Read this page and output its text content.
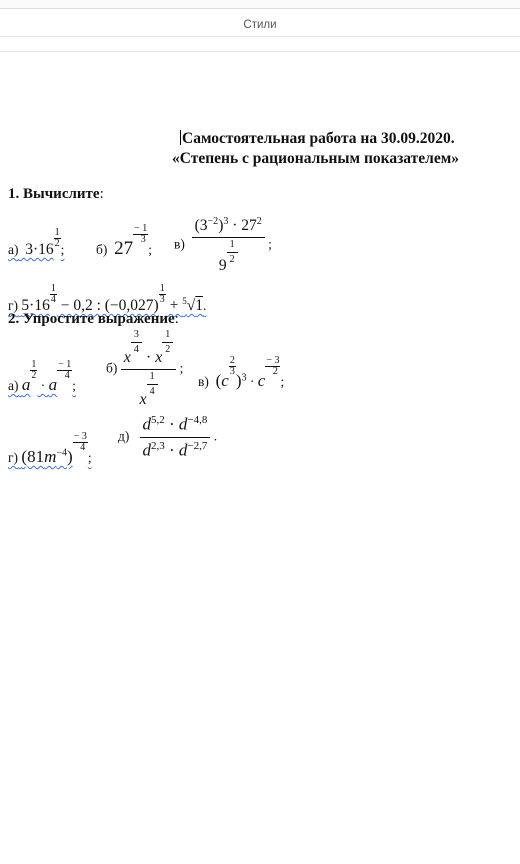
Стили
Самостоятельная работа на 30.09.2020.
«Степень с рациональным показателем»
1. Вычислите:
а) 3·16
$\frac{1}{2}$
; б) 27
$\frac{- 1}{3}$
; в) $(3^{-2})^3 \cdot 27^2$
9
$\frac{1}{2}$ ;
г) 5·16
$\frac{1}{4}$
− 0,2 : (−0,027)
$\frac{1}{3}$
+ $^5$√1.
2. Упростите выражение:
а) a
$\frac{1}{2}$
· a
$\frac{- 1}{4}$
;
б) x
$\frac{3}{4}$
· x
$\frac{1}{2}$
x
$\frac{1}{4}$ ;
в) (c
$\frac{2}{3}$
)$^3$ · c
$\frac{- 3}{2}$
;
г) $(81m^{-4})$
$\frac{- 3}{4}$
;
$д) \frac{d^{5,2} \cdot d^{-4,8}}{d^{2,3} \cdot d^{-2,7}}$ .
